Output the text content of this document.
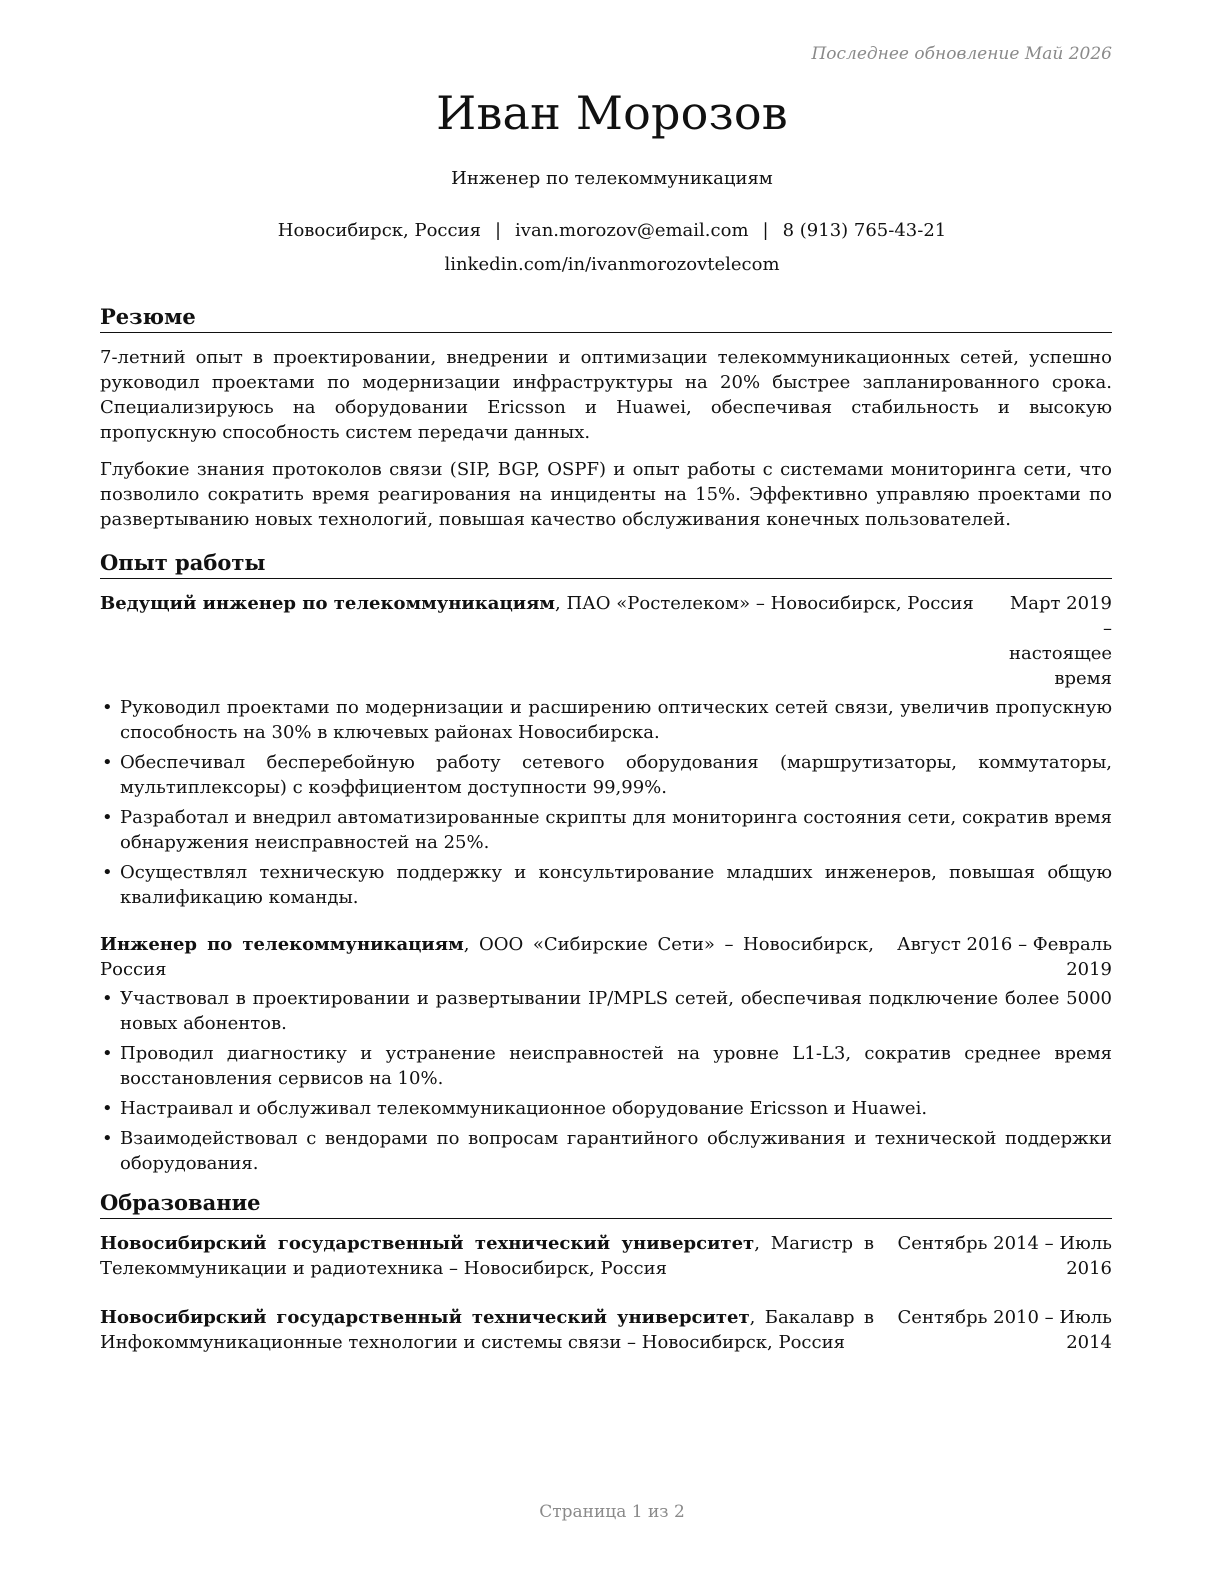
Последнее обновление Май 2026
Иван Морозов
Инженер по телекоммуникациям
Новосибирск, Россия | ivan.morozov@email.com | 8 (913) 765-43-21
linkedin.com/in/ivanmorozovtelecom
Резюме

7-летний опыт в проектировании, внедрении и оптимизации телекоммуникационных сетей, успешно руководил проектами по модернизации инфраструктуры на 20% быстрее запланированного срока. Специализируюсь на оборудовании Ericsson и Huawei, обеспечивая стабильность и высокую пропускную способность систем передачи данных.

Глубокие знания протоколов связи (SIP, BGP, OSPF) и опыт работы с системами мониторинга сети, что позволило сократить время реагирования на инциденты на 15%. Эффективно управляю проектами по развертыванию новых технологий, повышая качество обслуживания конечных пользователей.

Опыт работы
Ведущий инженер по телекоммуникациям, ПАО «Ростелеком» – Новосибирск, Россия	Март 2019 – настоящее время
• Руководил проектами по модернизации и расширению оптических сетей связи, увеличив пропускную способность на 30% в ключевых районах Новосибирска.
• Обеспечивал бесперебойную работу сетевого оборудования (маршрутизаторы, коммутаторы, мультиплексоры) с коэффициентом доступности 99,99%.
• Разработал и внедрил автоматизированные скрипты для мониторинга состояния сети, сократив время обнаружения неисправностей на 25%.
• Осуществлял техническую поддержку и консультирование младших инженеров, повышая общую квалификацию команды.
Инженер по телекоммуникациям, ООО «Сибирские Сети» – Новосибирск, Россия
Август 2016 – Февраль 2019
• Участвовал в проектировании и развертывании IP/MPLS сетей, обеспечивая подключение более 5000 новых абонентов.
• Проводил диагностику и устранение неисправностей на уровне L1-L3, сократив среднее время восстановления сервисов на 10%.
• Настраивал и обслуживал телекоммуникационное оборудование Ericsson и Huawei.
• Взаимодействовал с вендорами по вопросам гарантийного обслуживания и технической поддержки оборудования.
Образование
Новосибирский государственный технический университет, Магистр в Телекоммуникации и радиотехника – Новосибирск, Россия
Сентябрь 2014 – Июль 2016
Новосибирский государственный технический университет, Бакалавр в Инфокоммуникационные технологии и системы связи – Новосибирск, Россия
Сентябрь 2010 – Июль 2014
Страница 1 из 2
